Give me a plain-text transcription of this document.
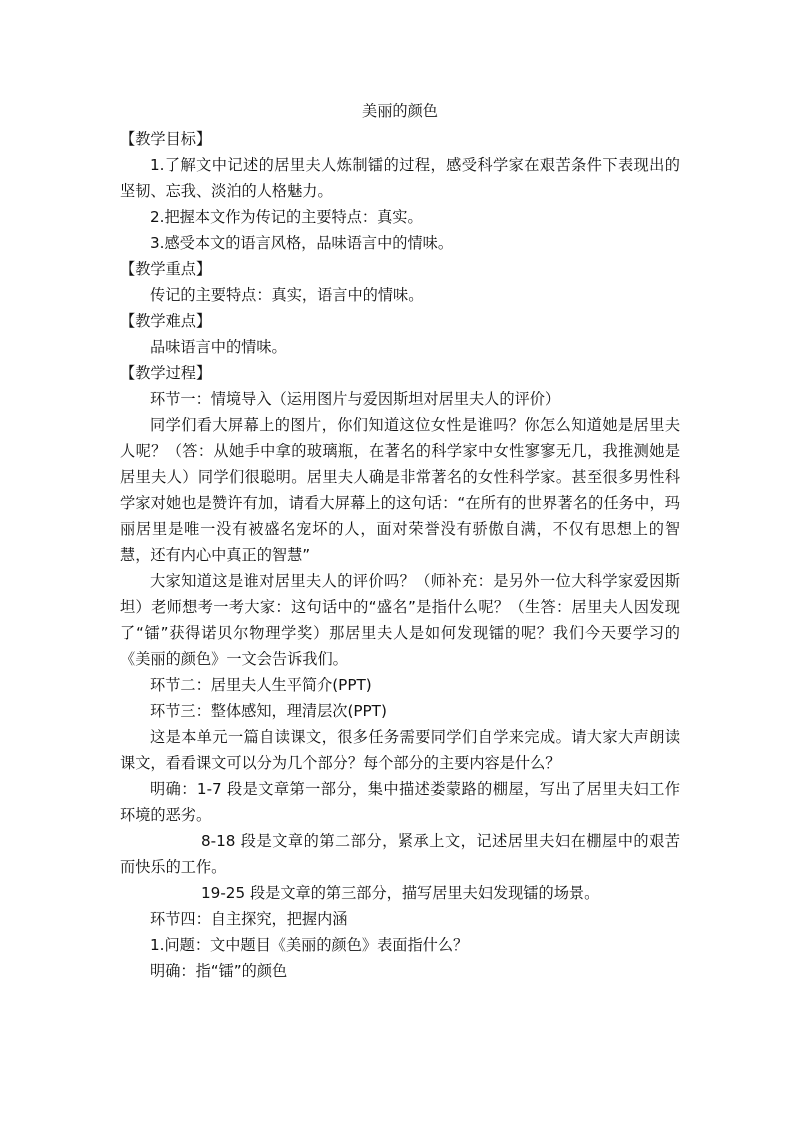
美丽的颜色
【教学目标】

1.了解文中记述的居里夫人炼制镭的过程，感受科学家在艰苦条件下表现出的坚韧、忘我、淡泊的人格魅力。

2.把握本文作为传记的主要特点：真实。

3.感受本文的语言风格，品味语言中的情味。

【教学重点】

传记的主要特点：真实，语言中的情味。

【教学难点】

品味语言中的情味。

【教学过程】

环节一：情境导入（运用图片与爱因斯坦对居里夫人的评价）

同学们看大屏幕上的图片，你们知道这位女性是谁吗？你怎么知道她是居里夫人呢？（答：从她手中拿的玻璃瓶，在著名的科学家中女性寥寥无几，我推测她是居里夫人）同学们很聪明。居里夫人确是非常著名的女性科学家。甚至很多男性科学家对她也是赞许有加，请看大屏幕上的这句话：“在所有的世界著名的任务中，玛丽居里是唯一没有被盛名宠坏的人，面对荣誉没有骄傲自满，不仅有思想上的智慧，还有内心中真正的智慧”

大家知道这是谁对居里夫人的评价吗？（师补充：是另外一位大科学家爱因斯坦）老师想考一考大家：这句话中的“盛名”是指什么呢？（生答：居里夫人因发现了“镭”获得诺贝尔物理学奖）那居里夫人是如何发现镭的呢？我们今天要学习的《美丽的颜色》一文会告诉我们。

环节二：居里夫人生平简介(PPT)

环节三：整体感知，理清层次(PPT)

这是本单元一篇自读课文，很多任务需要同学们自学来完成。请大家大声朗读课文，看看课文可以分为几个部分？每个部分的主要内容是什么？

明确：1-7 段是文章第一部分，集中描述娄蒙路的棚屋，写出了居里夫妇工作环境的恶劣。

8-18 段是文章的第二部分，紧承上文，记述居里夫妇在棚屋中的艰苦而快乐的工作。

19-25 段是文章的第三部分，描写居里夫妇发现镭的场景。

环节四：自主探究，把握内涵

1.问题：文中题目《美丽的颜色》表面指什么？

明确：指“镭”的颜色
